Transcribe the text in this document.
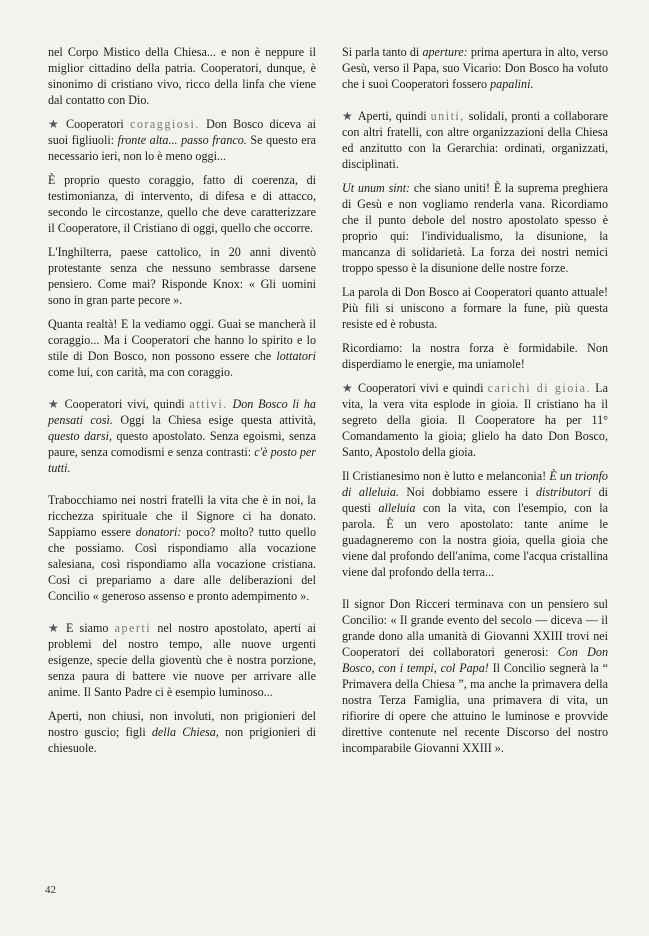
nel Corpo Mistico della Chiesa... e non è neppure il miglior cittadino della patria. Cooperatori, dunque, è sinonimo di cristiano vivo, ricco della linfa che viene dal contatto con Dio.

★ Cooperatori coraggiosi. Don Bosco diceva ai suoi figliuoli: fronte alta... passo franco. Se questo era necessario ieri, non lo è meno oggi...

È proprio questo coraggio, fatto di coerenza, di testimonianza, di intervento, di difesa e di attacco, secondo le circostanze, quello che deve caratterizzare il Cooperatore, il Cristiano di oggi, quello che occorre.

L'Inghilterra, paese cattolico, in 20 anni diventò protestante senza che nessuno sembrasse darsene pensiero. Come mai? Risponde Knox: « Gli uomini sono in gran parte pecore ».

Quanta realtà! E la vediamo oggi. Guai se mancherà il coraggio... Ma i Cooperatori che hanno lo spirito e lo stile di Don Bosco, non possono essere che lottatori come lui, con carità, ma con coraggio.

★ Cooperatori vivi, quindi attivi. Don Bosco li ha pensati così. Oggi la Chiesa esige questa attività, questo darsi, questo apostolato. Senza egoismi, senza paure, senza comodismi e senza contrasti: c'è posto per tutti.

Trabocchiamo nei nostri fratelli la vita che è in noi, la ricchezza spirituale che il Signore ci ha donato. Sappiamo essere donatori: poco? molto? tutto quello che possiamo. Così rispondiamo alla vocazione salesiana, così rispondiamo alla vocazione cristiana. Così ci prepariamo a dare alle deliberazioni del Concilio « generoso assenso e pronto adempimento ».

★ E siamo aperti nel nostro apostolato, aperti ai problemi del nostro tempo, alle nuove urgenti esigenze, specie della gioventù che è nostra porzione, senza paura di battere vie nuove per arrivare alle anime. Il Santo Padre ci è esempio luminoso...

Aperti, non chiusi, non involuti, non prigionieri del nostro guscio; figli della Chiesa, non prigionieri di chiesuole.

Si parla tanto di aperture: prima apertura in alto, verso Gesù, verso il Papa, suo Vicario: Don Bosco ha voluto che i suoi Cooperatori fossero papalini.

★ Aperti, quindi uniti, solidali, pronti a collaborare con altri fratelli, con altre organizzazioni della Chiesa ed anzitutto con la Gerarchia: ordinati, organizzati, disciplinati.

Ut unum sint: che siano uniti! È la suprema preghiera di Gesù e non vogliamo renderla vana. Ricordiamo che il punto debole del nostro apostolato spesso è proprio qui: l'individualismo, la disunione, la mancanza di solidarietà. La forza dei nostri nemici troppo spesso è la disunione delle nostre forze.

La parola di Don Bosco ai Cooperatori quanto attuale! Più fili si uniscono a formare la fune, più questa resiste ed è robusta.

Ricordiamo: la nostra forza è formidabile. Non disperdiamo le energie, ma uniamole!

★ Cooperatori vivi e quindi carichi di gioia. La vita, la vera vita esplode in gioia. Il cristiano ha il segreto della gioia. Il Cooperatore ha per 11° Comandamento la gioia; glielo ha dato Don Bosco, Santo, Apostolo della gioia.

Il Cristianesimo non è lutto e melanconia! È un trionfo di alleluia. Noi dobbiamo essere i distributori di questi alleluia con la vita, con l'esempio, con la parola. È un vero apostolato: tante anime le guadagneremo con la nostra gioia, quella gioia che viene dal profondo dell'anima, come l'acqua cristallina viene dal profondo della terra...

Il signor Don Ricceri terminava con un pensiero sul Concilio: « Il grande evento del secolo — diceva — il grande dono alla umanità di Giovanni XXIII trovi nei Cooperatori dei collaboratori generosi: Con Don Bosco, con i tempi, col Papa! Il Concilio segnerà la “ Primavera della Chiesa ”, ma anche la primavera della nostra Terza Famiglia, una primavera di vita, un rifiorire di opere che attuino le luminose e provvide direttive contenute nel recente Discorso del nostro incomparabile Giovanni XXIII ».

42
